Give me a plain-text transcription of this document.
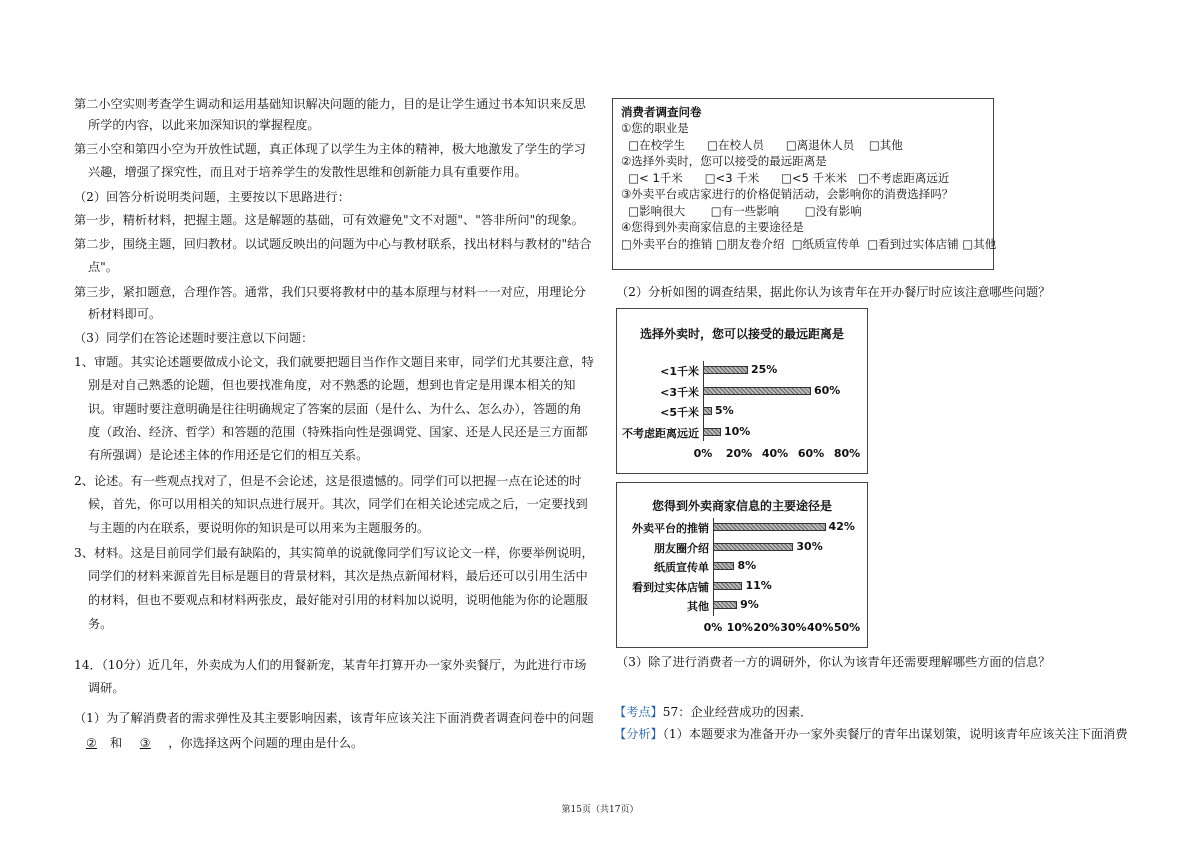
第二小空实则考查学生调动和运用基础知识解决问题的能力，目的是让学生通过书本知识来反思
所学的内容，以此来加深知识的掌握程度。
第三小空和第四小空为开放性试题，真正体现了以学生为主体的精神，极大地激发了学生的学习
兴趣，增强了探究性，而且对于培养学生的发散性思维和创新能力具有重要作用。
（2）回答分析说明类问题，主要按以下思路进行：
第一步，精析材料，把握主题。这是解题的基础，可有效避免"文不对题"、"答非所问"的现象。
第二步，围绕主题，回归教材。以试题反映出的问题为中心与教材联系，找出材料与教材的"结合
点"。
第三步，紧扣题意，合理作答。通常，我们只要将教材中的基本原理与材料一一对应，用理论分
析材料即可。
（3）同学们在答论述题时要注意以下问题：
1、审题。其实论述题要做成小论文，我们就要把题目当作作文题目来审，同学们尤其要注意，特
别是对自己熟悉的论题，但也要找准角度，对不熟悉的论题，想到也肯定是用课本相关的知
识。审题时要注意明确是往往明确规定了答案的层面（是什么、为什么、怎么办），答题的角
度（政治、经济、哲学）和答题的范围（特殊指向性是强调党、国家、还是人民还是三方面都
有所强调）是论述主体的作用还是它们的相互关系。
2、论述。有一些观点找对了，但是不会论述，这是很遗憾的。同学们可以把握一点在论述的时
候，首先，你可以用相关的知识点进行展开。其次，同学们在相关论述完成之后，一定要找到
与主题的内在联系，要说明你的知识是可以用来为主题服务的。
3、材料。这是目前同学们最有缺陷的，其实简单的说就像同学们写议论文一样，你要举例说明，
同学们的材料来源首先目标是题目的背景材料，其次是热点新闻材料，最后还可以引用生活中
的材料，但也不要观点和材料两张皮，最好能对引用的材料加以说明，说明他能为你的论题服
务。
14．（10分）近几年，外卖成为人们的用餐新宠，某青年打算开办一家外卖餐厅，为此进行市场
调研。
（1）为了解消费者的需求弹性及其主要影响因素，该青年应该关注下面消费者调查问卷中的问题
② 和 ③ ，你选择这两个问题的理由是什么。
消费者调查问卷
①您的职业是
□在校学生      □在校人员      □离退休人员    □其他
②选择外卖时，您可以接受的最远距离是
□< 1千米      □<3 千米      □<5 千米米   □不考虑距离远近
③外卖平台或店家进行的价格促销活动，会影响你的消费选择吗？
□影响很大       □有一些影响       □没有影响
④您得到外卖商家信息的主要途径是
□外卖平台的推销 □朋友卷介绍  □纸质宣传单  □看到过实体店铺 □其他
（2）分析如图的调查结果，据此你认为该青年在开办餐厅时应该注意哪些问题？
选择外卖时，您可以接受的最远距离是
<1千米	25%
<3千米	60%
<5千米 5%
不考虑距离远近 10%
0% 20% 40% 60% 80%
您得到外卖商家信息的主要途径是
外卖平台的推销	42%
朋友圈介绍	30%
纸质宣传单	8%
看到过实体店铺	11%
其他	9%
0% 10% 20% 30% 40% 50%
（3）除了进行消费者一方的调研外，你认为该青年还需要理解哪些方面的信息？
【考点】57：企业经营成功的因素．
【分析】（1）本题要求为准备开办一家外卖餐厅的青年出谋划策，说明该青年应该关注下面消费
第15页（共17页）
